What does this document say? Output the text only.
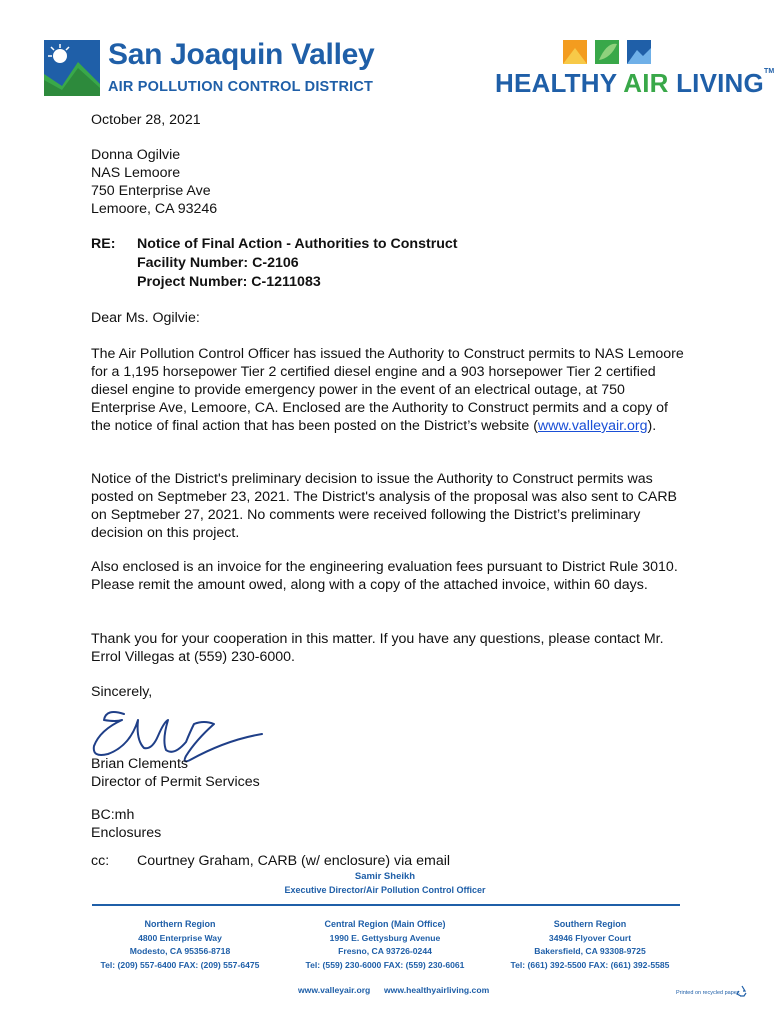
San Joaquin Valley
AIR POLLUTION CONTROL DISTRICT	HEALTHY AIR LIVING™
October 28, 2021
Donna Ogilvie
NAS Lemoore
750 Enterprise Ave
Lemoore, CA 93246
RE: Notice of Final Action - Authorities to Construct
Facility Number: C-2106
Project Number: C-1211083
Dear Ms. Ogilvie:
The Air Pollution Control Officer has issued the Authority to Construct permits to NAS Lemoore for a 1,195 horsepower Tier 2 certified diesel engine and a 903 horsepower Tier 2 certified diesel engine to provide emergency power in the event of an electrical outage, at 750 Enterprise Ave, Lemoore, CA. Enclosed are the Authority to Construct permits and a copy of the notice of final action that has been posted on the District’s website (www.valleyair.org).
Notice of the District's preliminary decision to issue the Authority to Construct permits was posted on Septmeber 23, 2021. The District's analysis of the proposal was also sent to CARB on Septmeber 27, 2021. No comments were received following the District’s preliminary decision on this project.
Also enclosed is an invoice for the engineering evaluation fees pursuant to District Rule 3010. Please remit the amount owed, along with a copy of the attached invoice, within 60 days.
Thank you for your cooperation in this matter. If you have any questions, please contact Mr. Errol Villegas at (559) 230-6000.
Sincerely,
Brian Clements
Director of Permit Services
BC:mh
Enclosures
cc: Courtney Graham, CARB (w/ enclosure) via email
Samir Sheikh
Executive Director/Air Pollution Control Officer
Northern Region
4800 Enterprise Way
Modesto, CA 95356-8718
Tel: (209) 557-6400 FAX: (209) 557-6475
Central Region (Main Office)
1990 E. Gettysburg Avenue
Fresno, CA 93726-0244
Tel: (559) 230-6000 FAX: (559) 230-6061
Southern Region
34946 Flyover Court
Bakersfield, CA 93308-9725
Tel: (661) 392-5500 FAX: (661) 392-5585
www.valleyair.org www.healthyairliving.com	Printed on recycled paper.
